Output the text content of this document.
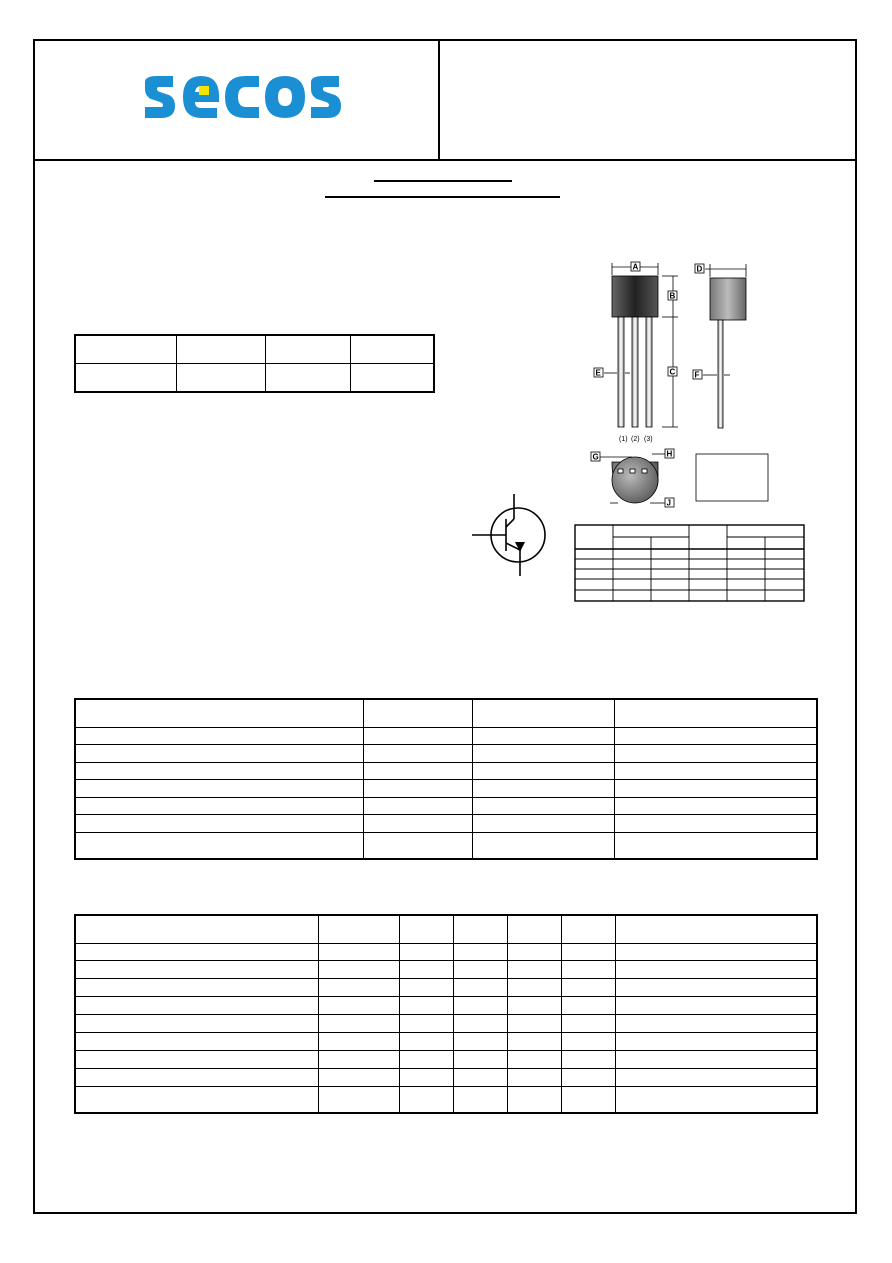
A
B
C
E
(1) (2) (3)
D
F
G	H
J
